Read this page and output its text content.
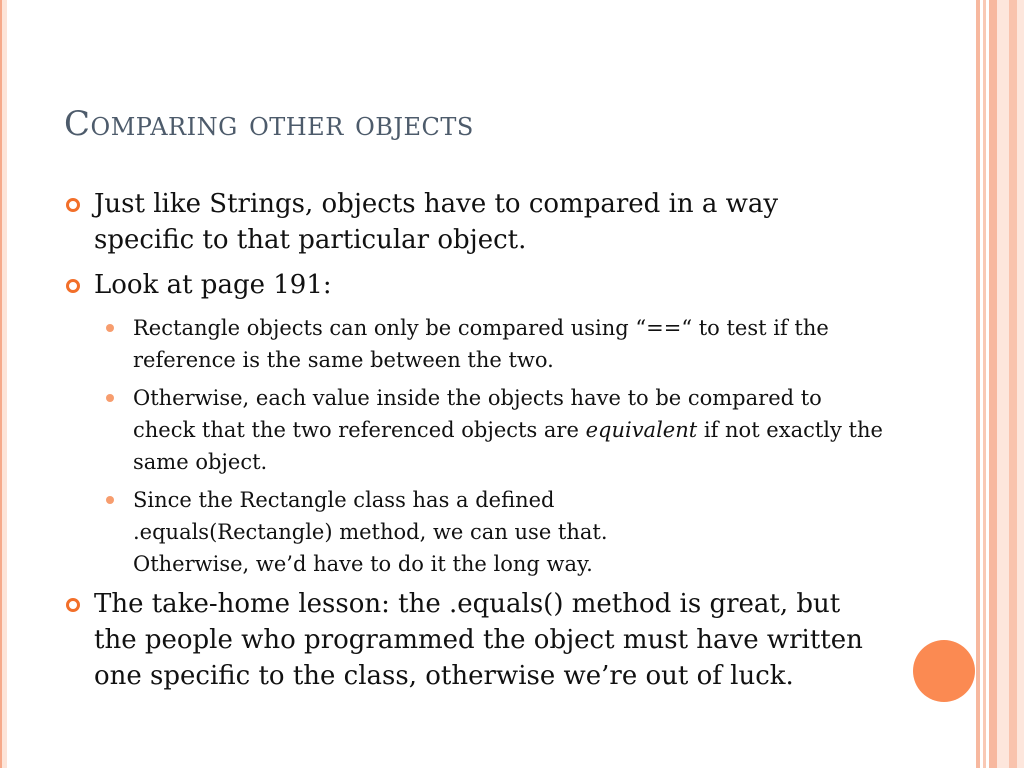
Comparing other objects
Just like Strings, objects have to compared in a way specific to that particular object.
Look at page 191:
Rectangle objects can only be compared using “==“ to test if the reference is the same between the two.
Otherwise, each value inside the objects have to be compared to check that the two referenced objects are equivalent if not exactly the same object.
Since the Rectangle class has a defined
.equals(Rectangle) method, we can use that.
Otherwise, we’d have to do it the long way.
The take-home lesson: the .equals() method is great, but the people who programmed the object must have written one specific to the class, otherwise we’re out of luck.
